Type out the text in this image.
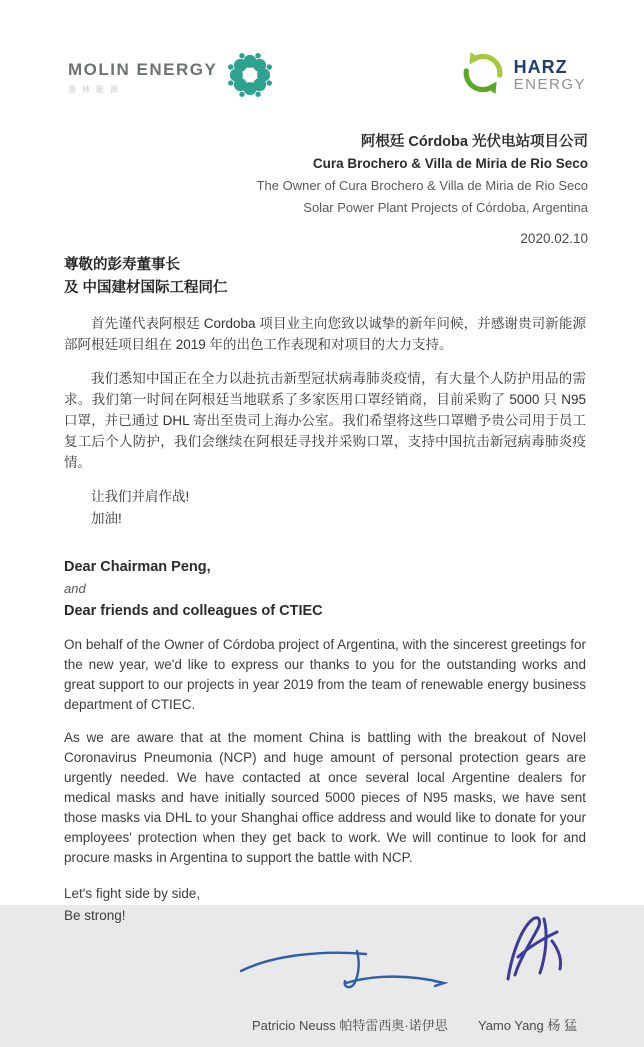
MOLIN ENERGY
墨林能源
HARZ
ENERGY
阿根廷 Córdoba 光伏电站项目公司
Cura Brochero & Villa de Miria de Rio Seco
The Owner of Cura Brochero & Villa de Miria de Rio Seco
Solar Power Plant Projects of Córdoba, Argentina
2020.02.10
尊敬的彭寿董事长
及 中国建材国际工程同仁

首先谨代表阿根廷 Cordoba 项目业主向您致以诚挚的新年问候，并感谢贵司新能源部阿根廷项目组在 2019 年的出色工作表现和对项目的大力支持。

我们悉知中国正在全力以赴抗击新型冠状病毒肺炎疫情，有大量个人防护用品的需求。我们第一时间在阿根廷当地联系了多家医用口罩经销商，目前采购了 5000 只 N95 口罩，并已通过 DHL 寄出至贵司上海办公室。我们希望将这些口罩赠予贵公司用于员工复工后个人防护，我们会继续在阿根廷寻找并采购口罩，支持中国抗击新冠病毒肺炎疫情。

让我们并肩作战!
加油!
Dear Chairman Peng,
and
Dear friends and colleagues of CTIEC

On behalf of the Owner of Córdoba project of Argentina, with the sincerest greetings for the new year, we'd like to express our thanks to you for the outstanding works and great support to our projects in year 2019 from the team of renewable energy business department of CTIEC.

As we are aware that at the moment China is battling with the breakout of Novel Coronavirus Pneumonia (NCP) and huge amount of personal protection gears are urgently needed. We have contacted at once several local Argentine dealers for medical masks and have initially sourced 5000 pieces of N95 masks, we have sent those masks via DHL to your Shanghai office address and would like to donate for your employees' protection when they get back to work. We will continue to look for and procure masks in Argentina to support the battle with NCP.

Let's fight side by side,
Be strong!
Patricio Neuss 帕特雷西奥·诺伊思 Yamo Yang 杨 猛
